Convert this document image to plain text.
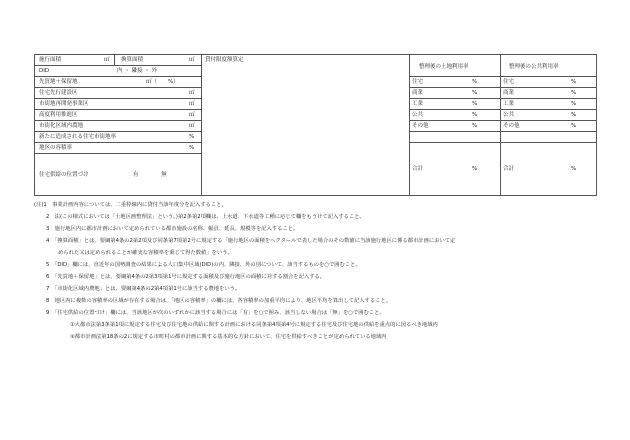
施行面積	㎡ 換算面積	㎡
DID	内 ・ 隣接 ・ 外
先買地＋保留地	㎡（　　%）
住宅先行建設区	㎡
市街地再開発事業区	㎡
高度利用推進区	㎡
市街化区域内農地	㎡
新たに造成される住宅市街地率	%
地区の容積率	%
住宅供給の位置づけ	有	無
貸付限度額算定
整理後の土地利用率
住宅	%
商業	%
工業	%
公共	%
その他	%
合計	%
整理後の公共利用率
住宅	%
商業	%
工業	%
公共	%
その他	%
合計	%
(注)1　事業計画内容については、二重枠線内に貸付当該年度分を記入すること。
2　法(この様式においては「土地区画整理法」という。)第2条第2項欄は、上水道、下水道等工種に応じて欄をもうけて記入すること。
3　施行地区内に都市計画において定められている都市施設の名称、幅員、延長、規模等を記入すること。
4　「換算面積」とは、要綱第4条の2第2項及び同条第7項第2号に規定する「施行地区の面積をヘクタールで表した場合のその数値に当該施行地区に係る都市計画において定
められた又は定められることが確実な容積率を乗じて得た数値」をいう。
5　「DID」欄には、直近年の国勢調査の結果による人口集中区域(DID)の内、隣接、外の別について、該当するものを○で囲むこと。
6　「先買地＋保留地」とは、要綱第4条の2第3項第1号に規定する面積及び施行地区の面積に対する割合を記入する。
7　「市街化区域内農地」とは、要綱第4条の2第4項第1号に該当する農地をいう。
8　地区内に複数の容積率の区域が存在する場合は、「地区の容積率」の欄には、各容積率の加重平均により、地区平均を算出して記入すること。
9　「住宅供給の位置づけ」欄には、当該地区が次のいずれかに該当する場合には「有」を○で囲み、該当しない場合は「無」を○で囲むこと。
①大都市法第3条第1項に規定する住宅及び住宅地の供給に関する計画における同条第4項第4号に規定する住宅及び住宅地の供給を重点的に図るべき地域内
②都市計画法第18条の2に規定する市町村の都市計画に関する基本的な方針において、住宅を供給すべきことが定められている地域内
